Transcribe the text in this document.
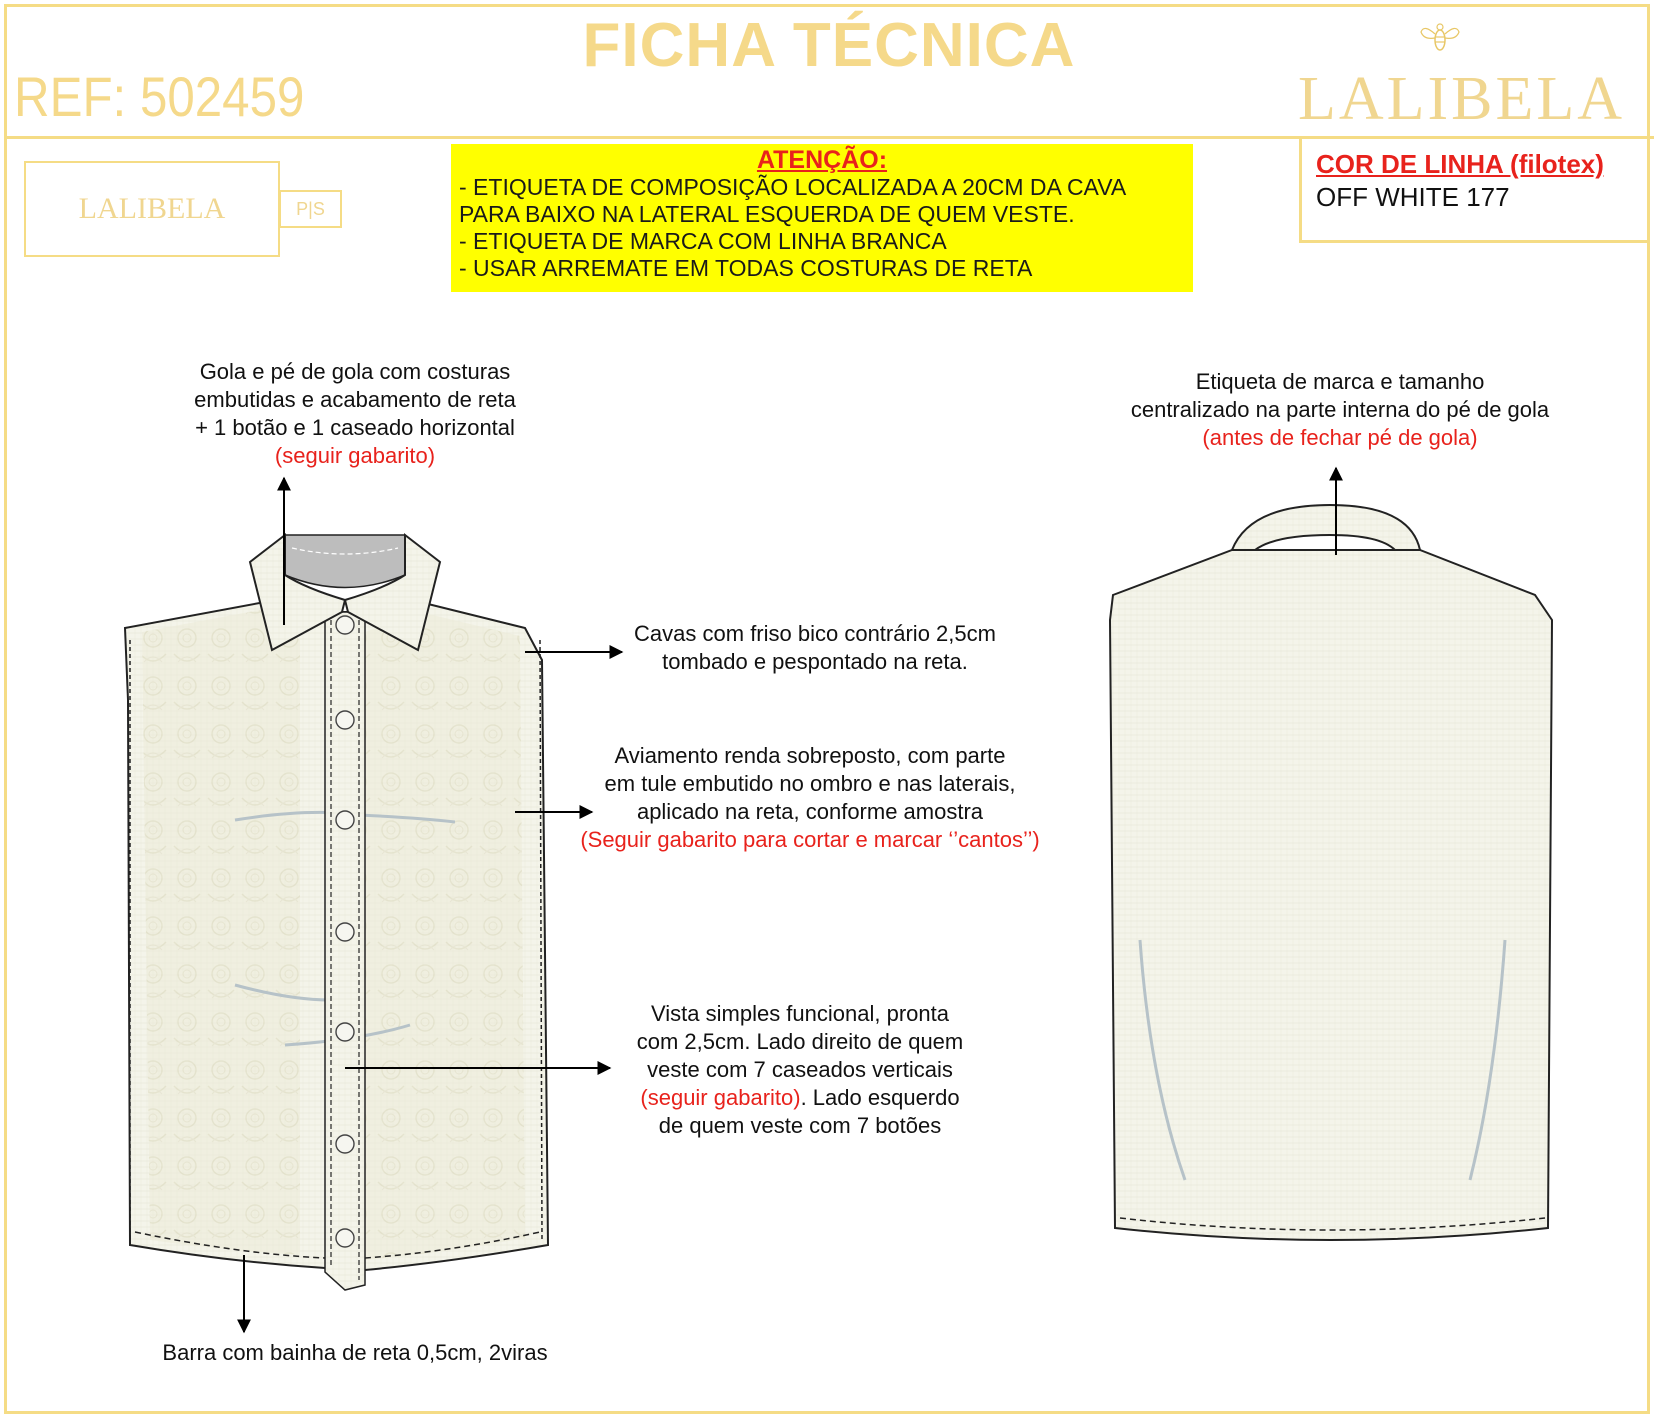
FICHA TÉCNICA
REF: 502459	LALIBELA
LALIBELA	P|S
ATENÇÃO:
- ETIQUETA DE COMPOSIÇÃO LOCALIZADA A 20CM DA CAVA
PARA BAIXO NA LATERAL ESQUERDA DE QUEM VESTE.
- ETIQUETA DE MARCA COM LINHA BRANCA
- USAR ARREMATE EM TODAS COSTURAS DE RETA
COR DE LINHA (filotex)
OFF WHITE 177
Gola e pé de gola com costuras
embutidas e acabamento de reta
+ 1 botão e 1 caseado horizontal
(seguir gabarito)
Etiqueta de marca e tamanho
centralizado na parte interna do pé de gola
(antes de fechar pé de gola)
Cavas com friso bico contrário 2,5cm
tombado e pespontado na reta.
Aviamento renda sobreposto, com parte
em tule embutido no ombro e nas laterais,
aplicado na reta, conforme amostra
(Seguir gabarito para cortar e marcar ‘’cantos’’)
Vista simples funcional, pronta
com 2,5cm. Lado direito de quem
veste com 7 caseados verticais
(seguir gabarito). Lado esquerdo
de quem veste com 7 botões
Barra com bainha de reta 0,5cm, 2viras
